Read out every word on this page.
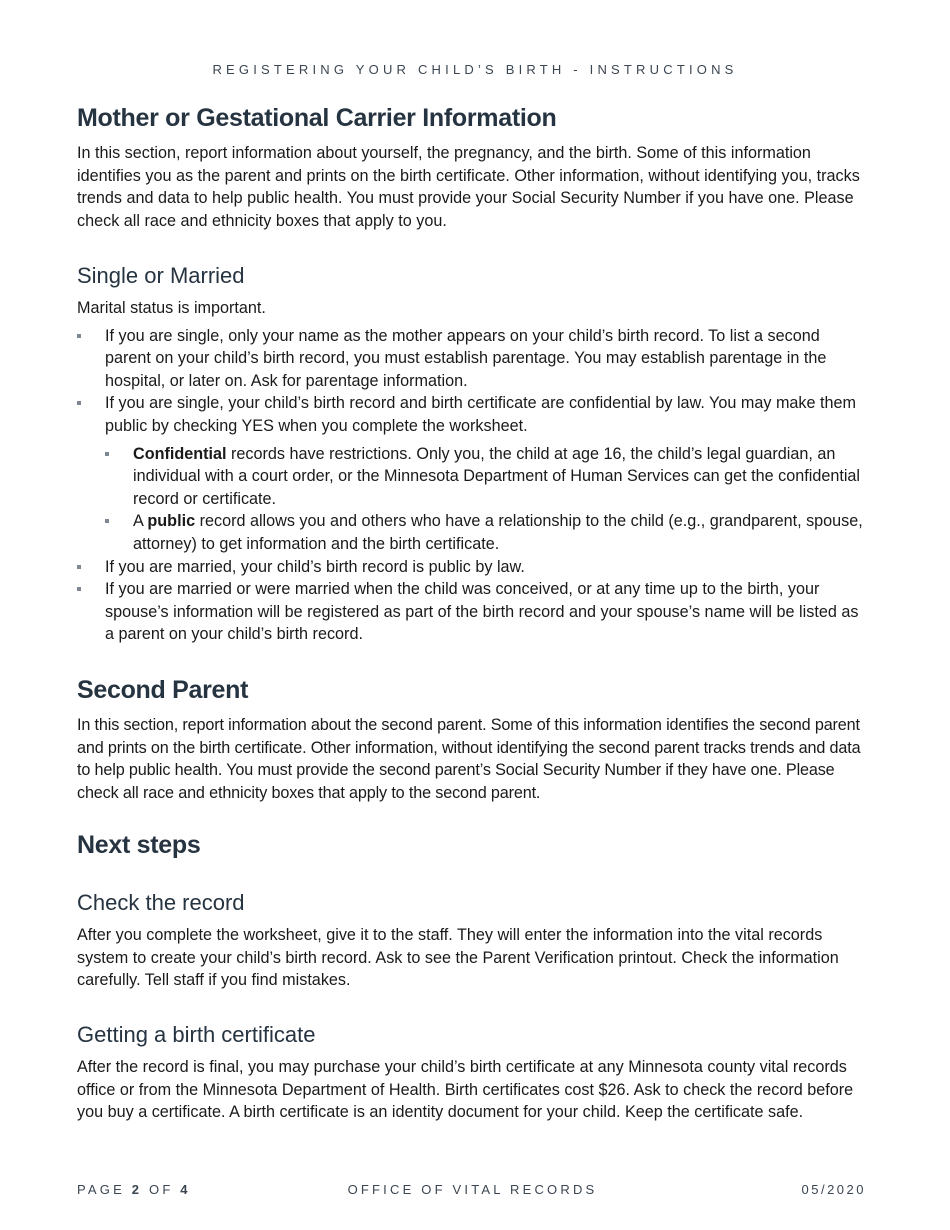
REGISTERING YOUR CHILD’S BIRTH - INSTRUCTIONS
Mother or Gestational Carrier Information

In this section, report information about yourself, the pregnancy, and the birth. Some of this information identifies you as the parent and prints on the birth certificate. Other information, without identifying you, tracks trends and data to help public health. You must provide your Social Security Number if you have one. Please check all race and ethnicity boxes that apply to you.

Single or Married

Marital status is important.

If you are single, only your name as the mother appears on your child’s birth record. To list a second parent on your child’s birth record, you must establish parentage. You may establish parentage in the hospital, or later on. Ask for parentage information.
If you are single, your child’s birth record and birth certificate are confidential by law. You may make them public by checking YES when you complete the worksheet.
Confidential records have restrictions. Only you, the child at age 16, the child’s legal guardian, an individual with a court order, or the Minnesota Department of Human Services can get the confidential record or certificate.
A public record allows you and others who have a relationship to the child (e.g., grandparent, spouse, attorney) to get information and the birth certificate.
If you are married, your child’s birth record is public by law.
If you are married or were married when the child was conceived, or at any time up to the birth, your spouse’s information will be registered as part of the birth record and your spouse’s name will be listed as a parent on your child’s birth record.
Second Parent

In this section, report information about the second parent. Some of this information identifies the second parent and prints on the birth certificate. Other information, without identifying the second parent tracks trends and data to help public health. You must provide the second parent’s Social Security Number if they have one. Please check all race and ethnicity boxes that apply to the second parent.

Next steps
Check the record

After you complete the worksheet, give it to the staff. They will enter the information into the vital records system to create your child’s birth record. Ask to see the Parent Verification printout. Check the information carefully. Tell staff if you find mistakes.

Getting a birth certificate

After the record is final, you may purchase your child’s birth certificate at any Minnesota county vital records office or from the Minnesota Department of Health. Birth certificates cost $26. Ask to check the record before you buy a certificate. A birth certificate is an identity document for your child. Keep the certificate safe.

PAGE 2 OF 4	OFFICE OF VITAL RECORDS	05/2020
